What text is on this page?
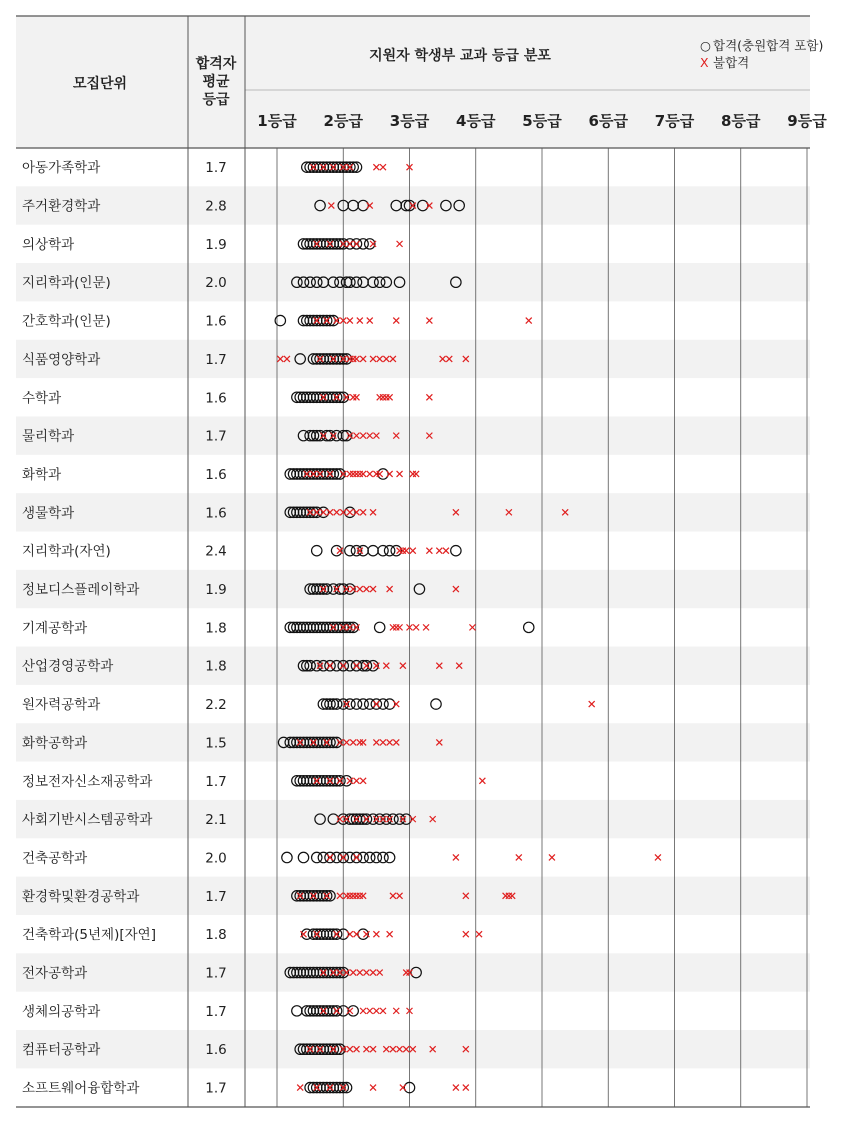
모집단위
합격자
평균
등급
지원자 학생부 교과 등급 분포
○ 합격(충원합격 포함)
X 불합격
1등급 2등급 3등급 4등급 5등급 6등급 7등급 8등급 9등급
아동가족학과	1.7
주거환경학과	2.8
의상학과	1.9
지리학과(인문)	2.0
간호학과(인문)	1.6
식품영양학과	1.7
수학과	1.6
물리학과	1.7
화학과	1.6
생물학과	1.6
지리학과(자연)	2.4
정보디스플레이학과	1.9
기계공학과	1.8
산업경영공학과	1.8
원자력공학과	2.2
화학공학과	1.5
정보전자신소재공학과	1.7
사회기반시스템공학과	2.1
건축공학과	2.0
환경학및환경공학과	1.7
건축학과(5년제)[자연]	1.8
전자공학과	1.7
생체의공학과	1.7
컴퓨터공학과	1.6
소프트웨어융합학과	1.7
